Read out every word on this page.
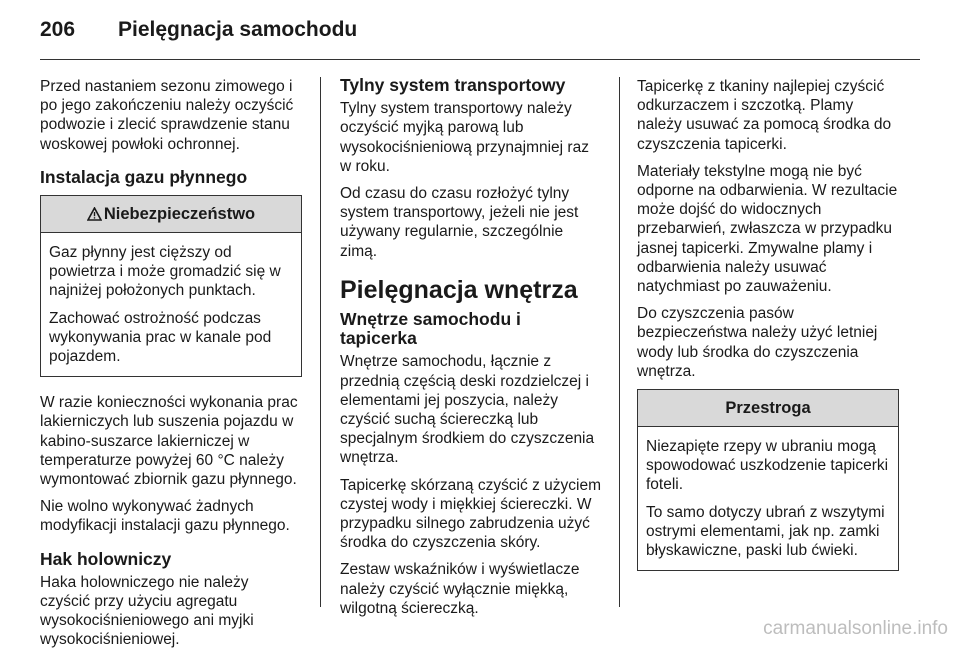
206 Pielęgnacja samochodu

Przed nastaniem sezonu zimowego i po jego zakończeniu należy oczyścić podwozie i zlecić sprawdzenie stanu woskowej powłoki ochronnej.

Instalacja gazu płynnego
Niebezpieczeństwo

Gaz płynny jest cięższy od powietrza i może gromadzić się w najniżej położonych punktach.

Zachować ostrożność podczas wykonywania prac w kanale pod pojazdem.

W razie konieczności wykonania prac lakierniczych lub suszenia pojazdu w kabino-suszarce lakierniczej w temperaturze powyżej 60 °C należy wymontować zbiornik gazu płynnego.

Nie wolno wykonywać żadnych modyfikacji instalacji gazu płynnego.

Hak holowniczy

Haka holowniczego nie należy czyścić przy użyciu agregatu wysokociśnieniowego ani myjki wysokociśnieniowej.

Tylny system transportowy

Tylny system transportowy należy oczyścić myjką parową lub wysokociśnieniową przynajmniej raz w roku.

Od czasu do czasu rozłożyć tylny system transportowy, jeżeli nie jest używany regularnie, szczególnie zimą.

Pielęgnacja wnętrza
Wnętrze samochodu i tapicerka

Wnętrze samochodu, łącznie z przednią częścią deski rozdzielczej i elementami jej poszycia, należy czyścić suchą ściereczką lub specjalnym środkiem do czyszczenia wnętrza.

Tapicerkę skórzaną czyścić z użyciem czystej wody i miękkiej ściereczki. W przypadku silnego zabrudzenia użyć środka do czyszczenia skóry.

Zestaw wskaźników i wyświetlacze należy czyścić wyłącznie miękką, wilgotną ściereczką.

Tapicerkę z tkaniny najlepiej czyścić odkurzaczem i szczotką. Plamy należy usuwać za pomocą środka do czyszczenia tapicerki.

Materiały tekstylne mogą nie być odporne na odbarwienia. W rezultacie może dojść do widocznych przebarwień, zwłaszcza w przypadku jasnej tapicerki. Zmywalne plamy i odbarwienia należy usuwać natychmiast po zauważeniu.

Do czyszczenia pasów bezpieczeństwa należy użyć letniej wody lub środka do czyszczenia wnętrza.

Przestroga

Niezapięte rzepy w ubraniu mogą spowodować uszkodzenie tapicerki foteli.

To samo dotyczy ubrań z wszytymi ostrymi elementami, jak np. zamki błyskawiczne, paski lub ćwieki.

carmanualsonline.info
